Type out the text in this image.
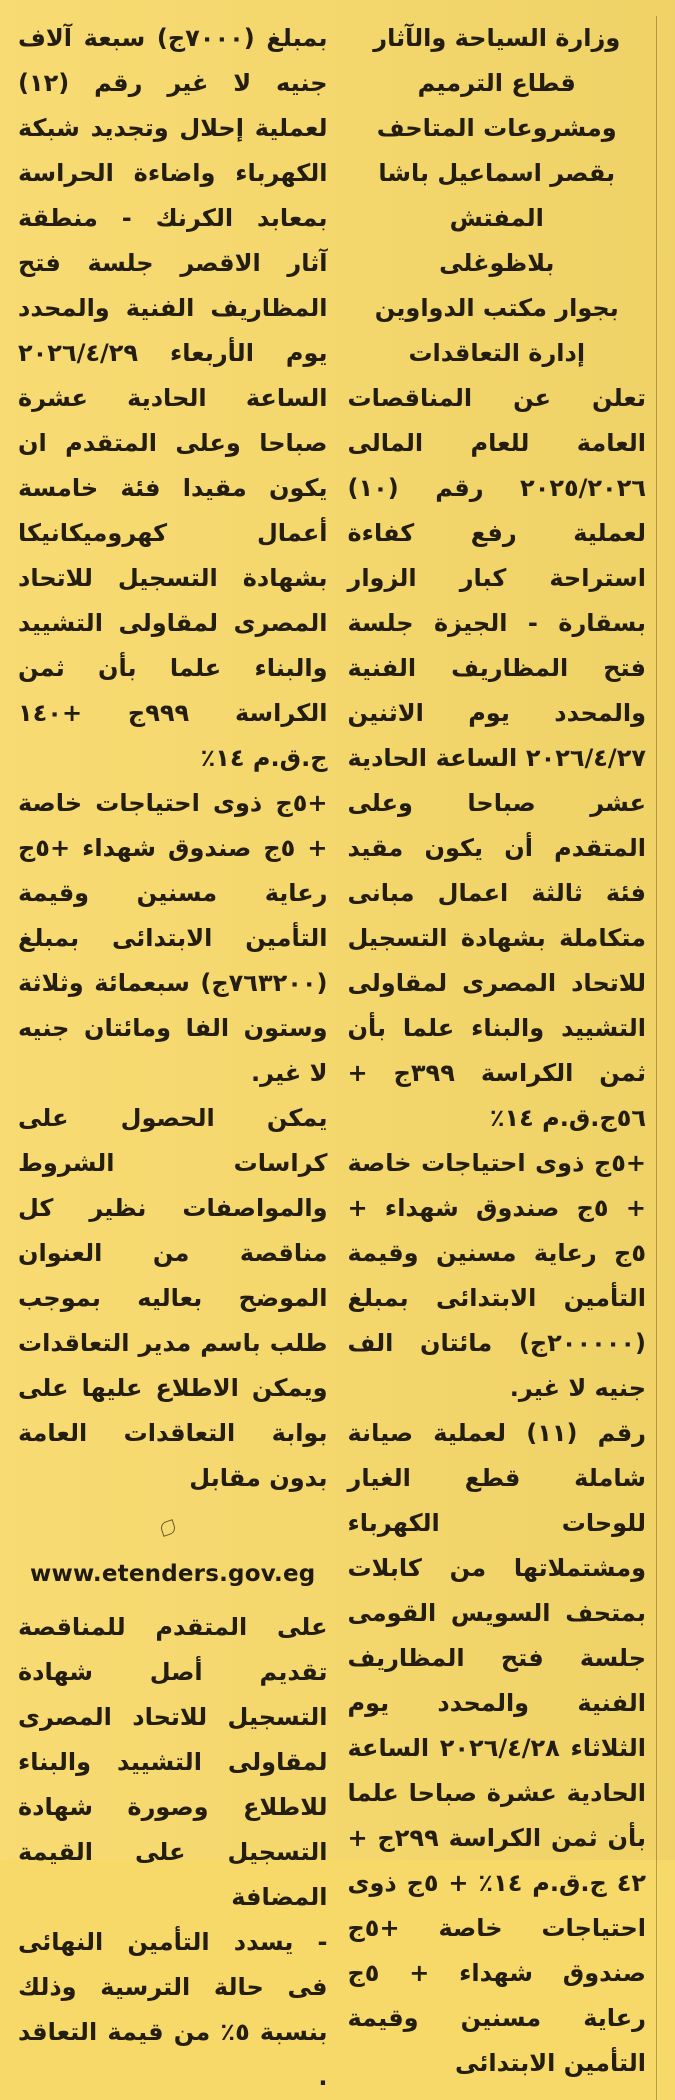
بمبلغ (٧٠٠٠ج) سبعة آلاف جنيه لا غير رقم (١٢) لعملية إحلال وتجديد شبكة الكهرباء واضاءة الحراسة بمعابد الكرنك - منطقة آثار الاقصر جلسة فتح المظاريف الفنية والمحدد يوم الأربعاء ٢٠٢٦/٤/٢٩ الساعة الحادية عشرة صباحا وعلى المتقدم ان يكون مقيدا فئة خامسة أعمال كهروميكانيكا بشهادة التسجيل للاتحاد المصرى لمقاولى التشييد والبناء علما بأن ثمن الكراسة ٩٩٩ج +١٤٠ ج.ق.م ١٤٪
+٥ج ذوى احتياجات خاصة + ٥ج صندوق شهداء +٥ج رعاية مسنين وقيمة التأمين الابتدائى بمبلغ (٧٦٣٢٠٠ج) سبعمائة وثلاثة وستون الفا ومائتان جنيه لا غير.
يمكن الحصول على كراسات الشروط والمواصفات نظير كل مناقصة من العنوان الموضح بعاليه بموجب طلب باسم مدير التعاقدات ويمكن الاطلاع عليها على بوابة التعاقدات العامة بدون مقابل
www.etenders.gov.eg
على المتقدم للمناقصة تقديم أصل شهادة التسجيل للاتحاد المصرى لمقاولى التشييد والبناء للاطلاع وصورة شهادة التسجيل على القيمة المضافة
- يسدد التأمين النهائى فى حالة الترسية وذلك بنسبة ٥٪ من قيمة التعاقد .
وزارة السياحة والآثار
قطاع الترميم
ومشروعات المتاحف
بقصر اسماعيل باشا المفتش
بلاظوغلى
بجوار مكتب الدواوين
إدارة التعاقدات
تعلن عن المناقصات العامة للعام المالى ٢٠٢٥/٢٠٢٦ رقم (١٠) لعملية رفع كفاءة استراحة كبار الزوار بسقارة - الجيزة جلسة فتح المظاريف الفنية والمحدد يوم الاثنين ٢٠٢٦/٤/٢٧ الساعة الحادية عشر صباحا وعلى المتقدم أن يكون مقيد فئة ثالثة اعمال مبانى متكاملة بشهادة التسجيل للاتحاد المصرى لمقاولى التشييد والبناء علما بأن ثمن الكراسة ٣٩٩ج + ٥٦ج.ق.م ١٤٪
+٥ج ذوى احتياجات خاصة + ٥ج صندوق شهداء + ٥ج رعاية مسنين وقيمة التأمين الابتدائى بمبلغ (٢٠٠٠٠٠ج) مائتان الف جنيه لا غير.
رقم (١١) لعملية صيانة شاملة قطع الغيار للوحات الكهرباء ومشتملاتها من كابلات بمتحف السويس القومى جلسة فتح المظاريف الفنية والمحدد يوم الثلاثاء ٢٠٢٦/٤/٢٨ الساعة الحادية عشرة صباحا علما بأن ثمن الكراسة ٢٩٩ج + ٤٢ ج.ق.م ١٤٪ + ٥ج ذوى احتياجات خاصة +٥ج صندوق شهداء + ٥ج رعاية مسنين وقيمة التأمين الابتدائى
